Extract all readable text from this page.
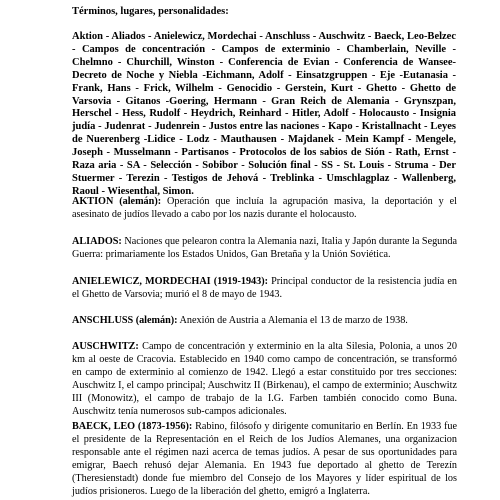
Términos, lugares, personalidades:
Aktion - Aliados - Anielewicz, Mordechai - Anschluss - Auschwitz - Baeck, Leo-Belzec - Campos de concentración - Campos de exterminio - Chamberlain, Neville - Chelmno - Churchill, Winston - Conferencia de Evian - Conferencia de Wansee-Decreto de Noche y Niebla -Eichmann, Adolf - Einsatzgruppen - Eje -Eutanasia - Frank, Hans - Frick, Wilhelm - Genocidio - Gerstein, Kurt - Ghetto - Ghetto de Varsovia - Gitanos -Goering, Hermann - Gran Reich de Alemania - Grynszpan, Herschel - Hess, Rudolf - Heydrich, Reinhard - Hitler, Adolf - Holocausto - Insignia judía - Judenrat - Judenrein - Justos entre las naciones - Kapo - Kristallnacht - Leyes de Nuerenberg -Lidice - Lodz - Mauthausen - Majdanek - Mein Kampf - Mengele, Joseph - Musselmann - Partisanos - Protocolos de los sabios de Sión - Rath, Ernst - Raza aria - SA - Selección - Sobibor - Solución final - SS - St. Louis - Struma - Der Stuermer - Terezin - Testigos de Jehová - Treblinka - Umschlagplaz - Wallenberg, Raoul - Wiesenthal, Simon.

AKTION (alemán): Operación que incluía la agrupación masiva, la deportación y el asesinato de judíos llevado a cabo por los nazis durante el holocausto.

ALIADOS: Naciones que pelearon contra la Alemania nazi, Italia y Japón durante la Segunda Guerra: primariamente los Estados Unidos, Gan Bretaña y la Unión Soviética.

ANIELEWICZ, MORDECHAI (1919-1943): Principal conductor de la resistencia judía en el Ghetto de Varsovia; murió el 8 de mayo de 1943.

ANSCHLUSS (alemán): Anexión de Austria a Alemania el 13 de marzo de 1938.

AUSCHWITZ: Campo de concentración y exterminio en la alta Silesia, Polonia, a unos 20 km al oeste de Cracovia. Establecido en 1940 como campo de concentración, se transformó en campo de exterminio al comienzo de 1942. Llegó a estar constituido por tres secciones: Auschwitz I, el campo principal; Auschwitz II (Birkenau), el campo de exterminio; Auschwitz III (Monowitz), el campo de trabajo de la I.G. Farben también conocido como Buna. Auschwitz tenía numerosos sub-campos adicionales.

BAECK, LEO (1873-1956): Rabino, filósofo y dirigente comunitario en Berlín. En 1933 fue el presidente de la Representación en el Reich de los Judíos Alemanes, una organizacion responsable ante el régimen nazi acerca de temas judíos. A pesar de sus oportunidades para emigrar, Baech rehusó dejar Alemania. En 1943 fue deportado al ghetto de Terezín (Theresienstadt) donde fue miembro del Consejo de los Mayores y líder espiritual de los judíos prisioneros. Luego de la liberación del ghetto, emigró a Inglaterra.
